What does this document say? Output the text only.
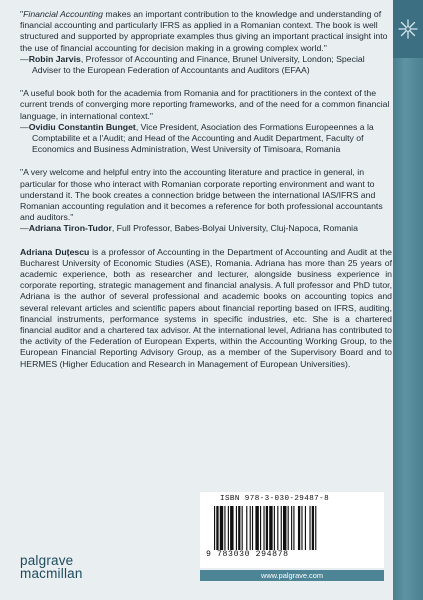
"Financial Accounting makes an important contribution to the knowledge and understanding of financial accounting and particularly IFRS as applied in a Romanian context. The book is well structured and supported by appropriate examples thus giving an important practical insight into the use of financial accounting for decision making in a growing complex world."

—Robin Jarvis, Professor of Accounting and Finance, Brunel University, London; Special Adviser to the European Federation of Accountants and Auditors (EFAA)

"A useful book both for the academia from Romania and for practitioners in the context of the current trends of converging more reporting frameworks, and of the need for a common financial language, in international context."

—Ovidiu Constantin Bunget, Vice President, Asociation des Formations Europeennes a la Comptabilite et a l'Audit; and Head of the Accounting and Audit Department, Faculty of Economics and Business Administration, West University of Timisoara, Romania

"A very welcome and helpful entry into the accounting literature and practice in general, in particular for those who interact with Romanian corporate reporting environment and want to understand it. The book creates a connection bridge between the international IAS/IFRS and Romanian accounting regulation and it becomes a reference for both professional accountants and auditors."

—Adriana Tiron-Tudor, Full Professor, Babes-Bolyai University, Cluj-Napoca, Romania

Adriana Duțescu is a professor of Accounting in the Department of Accounting and Audit at the Bucharest University of Economic Studies (ASE), Romania. Adriana has more than 25 years of academic experience, both as researcher and lecturer, alongside business experience in corporate reporting, strategic management and financial analysis. A full professor and PhD tutor, Adriana is the author of several professional and academic books on accounting topics and several relevant articles and scientific papers about financial reporting based on IFRS, auditing, financial instruments, performance systems in specific industries, etc. She is a chartered financial auditor and a chartered tax advisor. At the international level, Adriana has contributed to the activity of the Federation of European Experts, within the Accounting Working Group, to the European Financial Reporting Advisory Group, as a member of the Supervisory Board and to HERMES (Higher Education and Research in Management of European Universities).

ISBN 978-3-030-29487-8
9 783030 294878
www.palgrave.com
palgrave
macmillan
